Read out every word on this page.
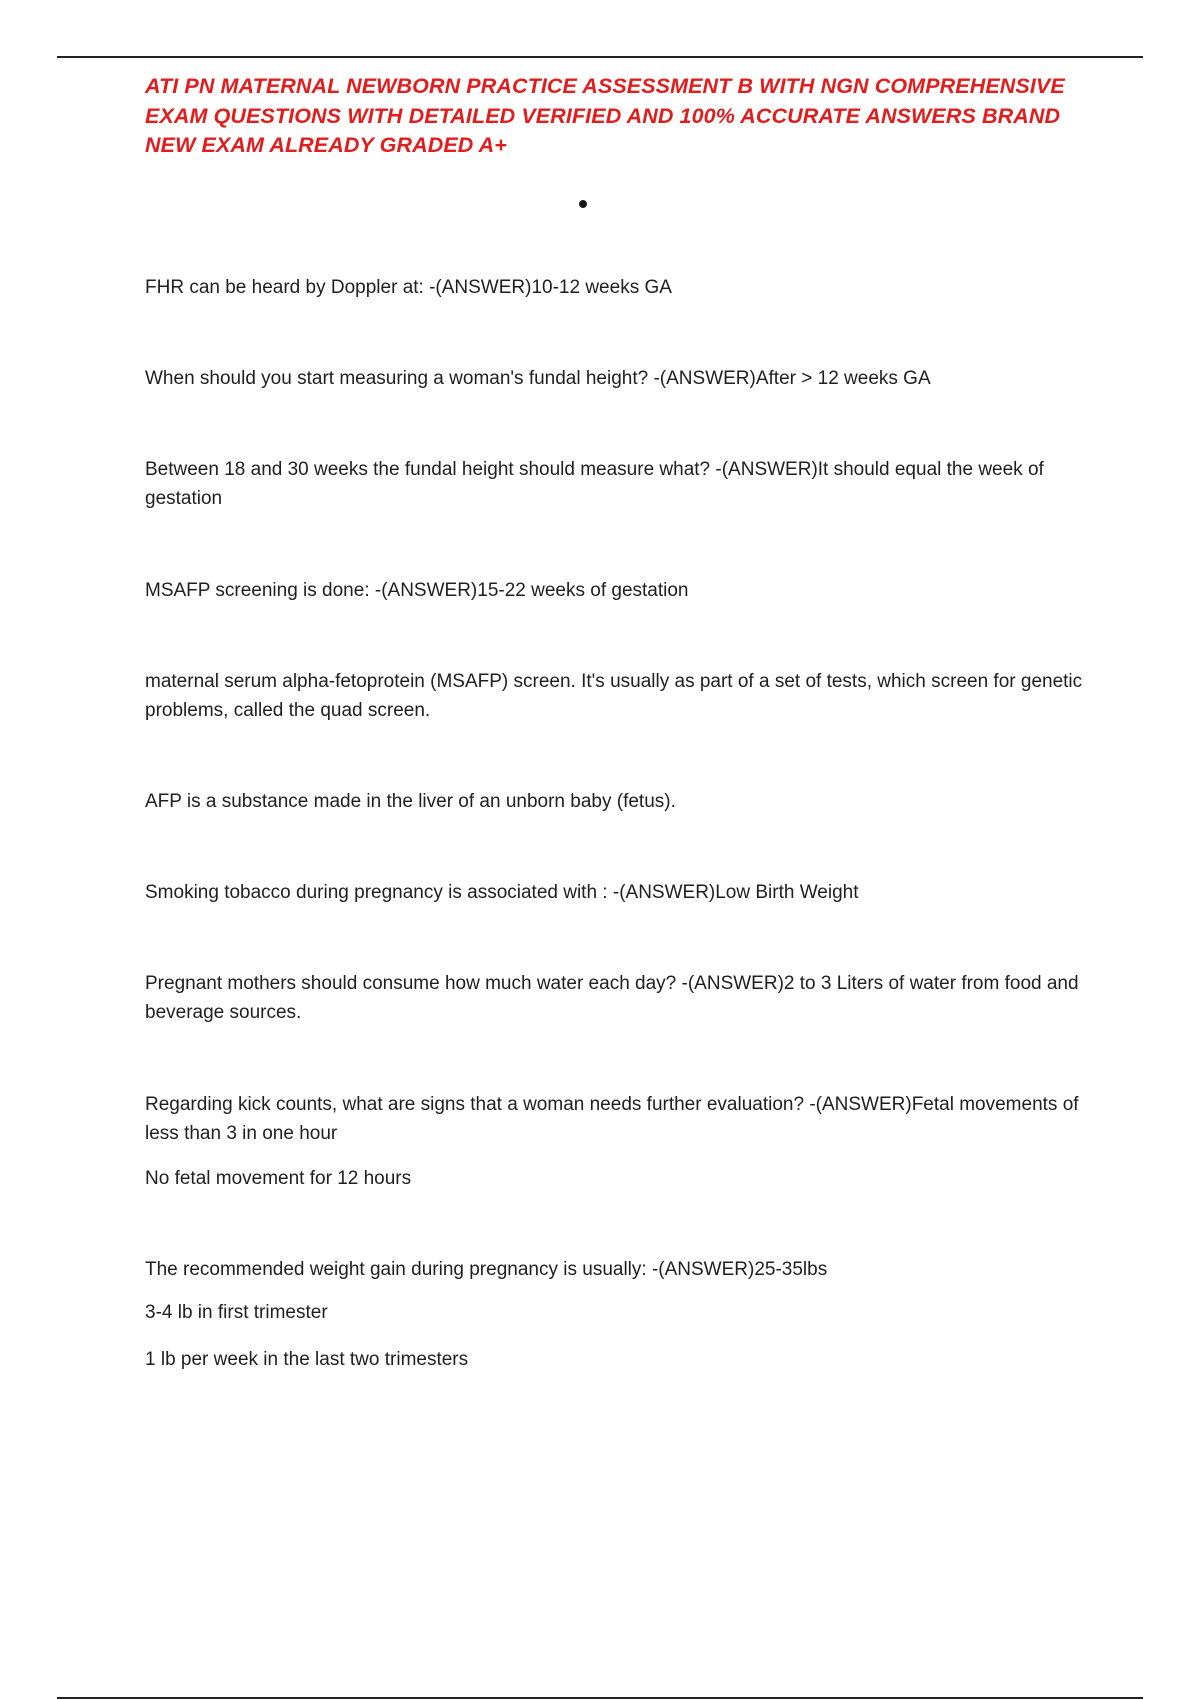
ATI PN MATERNAL NEWBORN PRACTICE ASSESSMENT B WITH NGN COMPREHENSIVE EXAM QUESTIONS WITH DETAILED VERIFIED AND 100% ACCURATE ANSWERS BRAND NEW EXAM ALREADY GRADED A+

FHR can be heard by Doppler at: -(ANSWER)10-12 weeks GA

When should you start measuring a woman's fundal height? -(ANSWER)After > 12 weeks GA

Between 18 and 30 weeks the fundal height should measure what? -(ANSWER)It should equal the week of gestation

MSAFP screening is done: -(ANSWER)15-22 weeks of gestation

maternal serum alpha-fetoprotein (MSAFP) screen. It's usually as part of a set of tests, which screen for genetic problems, called the quad screen.

AFP is a substance made in the liver of an unborn baby (fetus).

Smoking tobacco during pregnancy is associated with : -(ANSWER)Low Birth Weight

Pregnant mothers should consume how much water each day? -(ANSWER)2 to 3 Liters of water from food and beverage sources.

Regarding kick counts, what are signs that a woman needs further evaluation? -(ANSWER)Fetal movements of less than 3 in one hour

No fetal movement for 12 hours

The recommended weight gain during pregnancy is usually: -(ANSWER)25-35lbs

3-4 lb in first trimester

1 lb per week in the last two trimesters
